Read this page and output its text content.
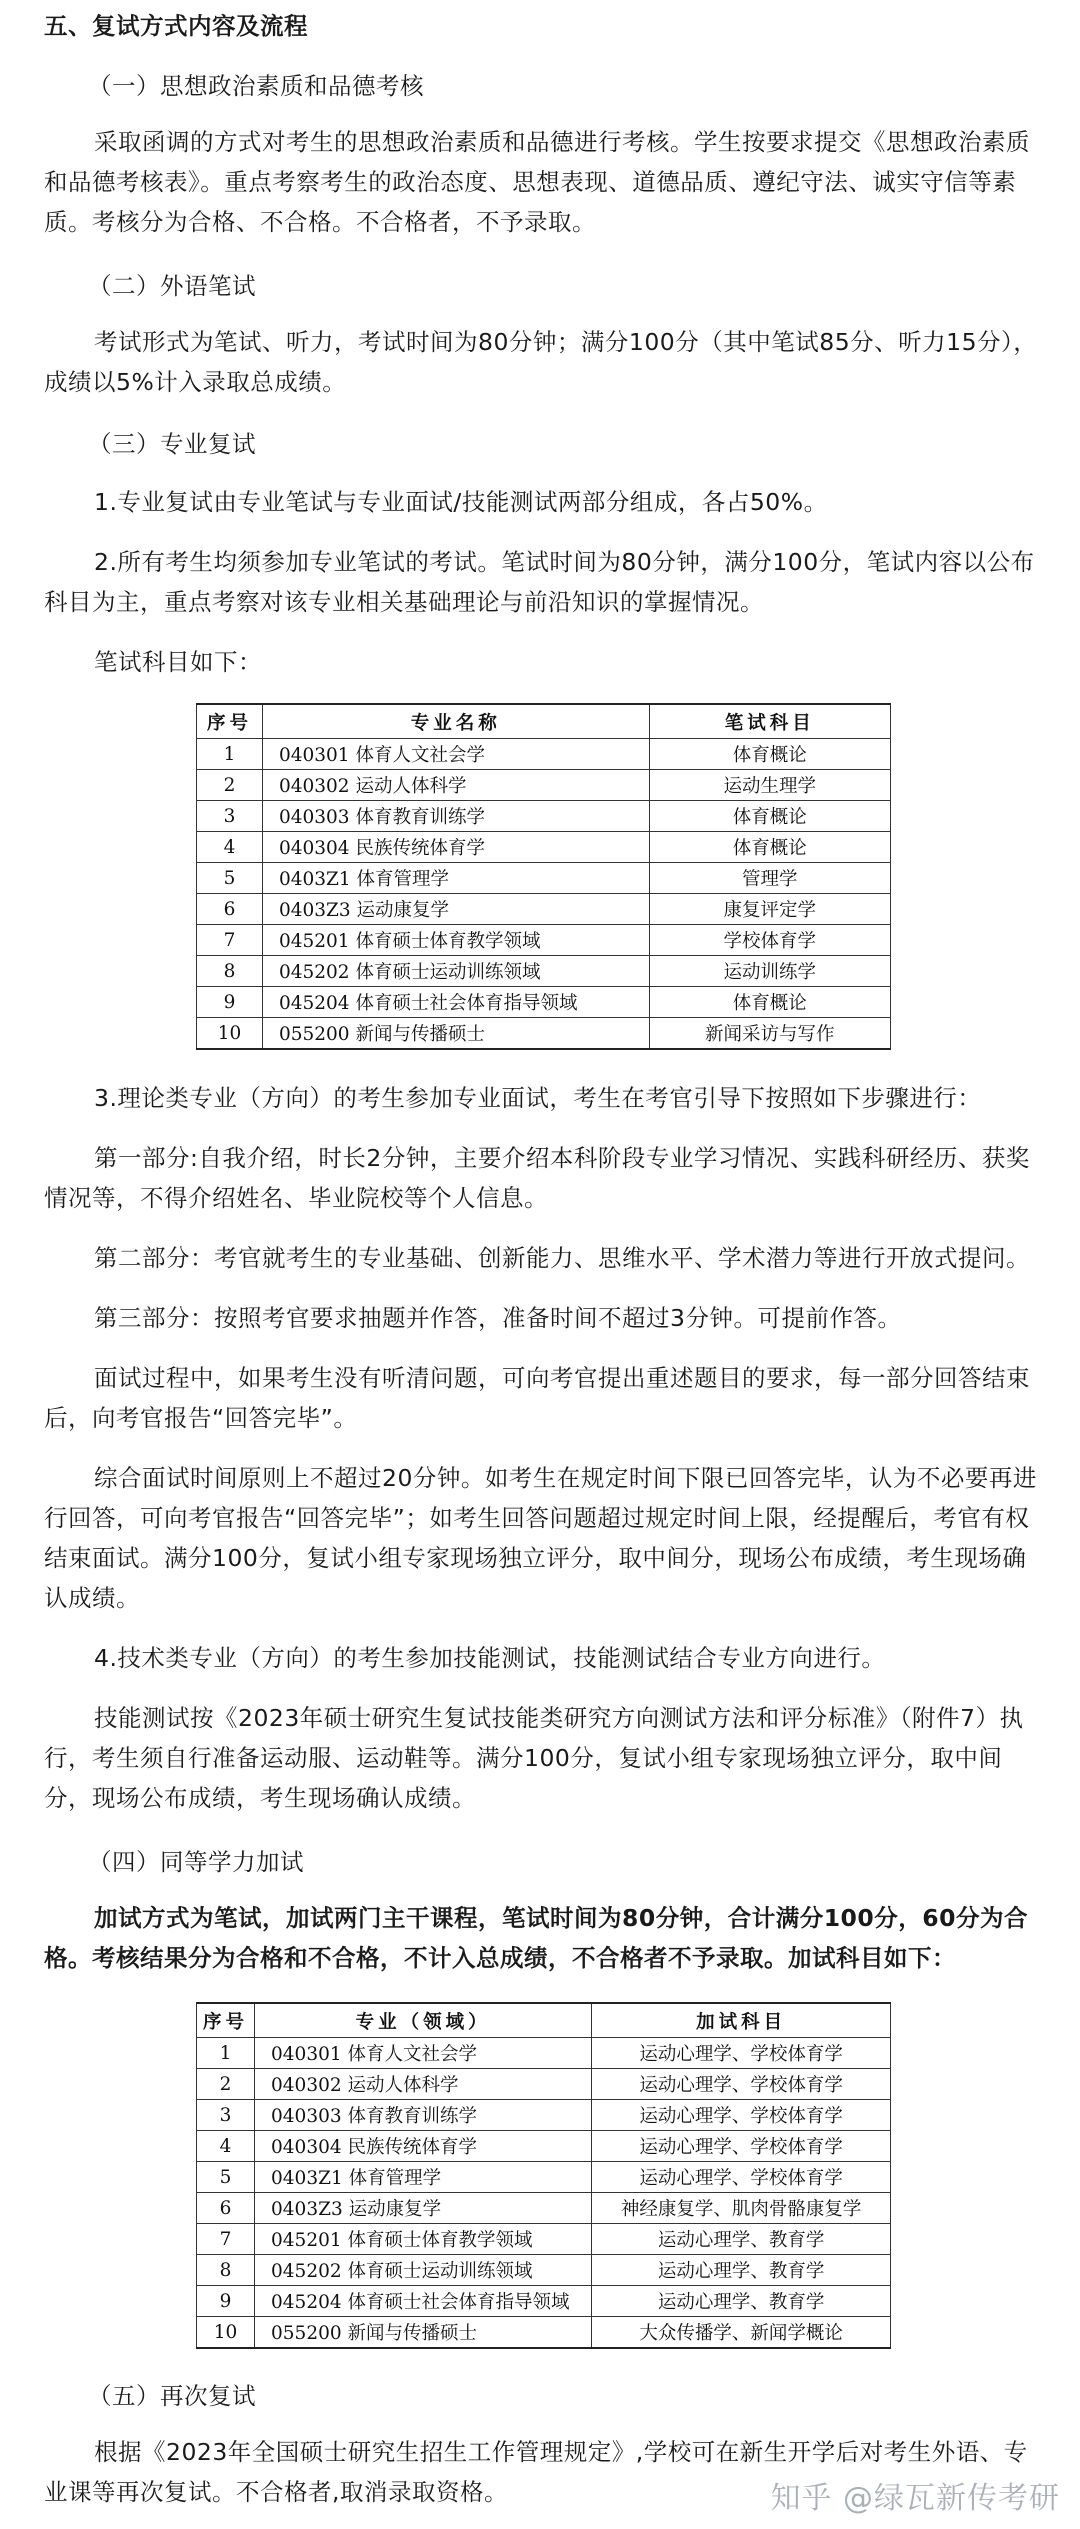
五、复试方式内容及流程

（一）思想政治素质和品德考核

采取函调的方式对考生的思想政治素质和品德进行考核。学生按要求提交《思想政治素质和品德考核表》。重点考察考生的政治态度、思想表现、道德品质、遵纪守法、诚实守信等素质。考核分为合格、不合格。不合格者，不予录取。

（二）外语笔试

考试形式为笔试、听力，考试时间为80分钟；满分100分（其中笔试85分、听力15分），成绩以5%计入录取总成绩。

（三）专业复试

1.专业复试由专业笔试与专业面试/技能测试两部分组成，各占50%。

2.所有考生均须参加专业笔试的考试。笔试时间为80分钟，满分100分，笔试内容以公布科目为主，重点考察对该专业相关基础理论与前沿知识的掌握情况。

笔试科目如下：

序号	专业名称	笔试科目
1	040301 体育人文社会学	体育概论
2	040302 运动人体科学	运动生理学
3	040303 体育教育训练学	体育概论
4	040304 民族传统体育学	体育概论
5	0403Z1 体育管理学	管理学
6	0403Z3 运动康复学	康复评定学
7	045201 体育硕士体育教学领域	学校体育学
8	045202 体育硕士运动训练领域	运动训练学
9	045204 体育硕士社会体育指导领域	体育概论
10	055200 新闻与传播硕士	新闻采访与写作

3.理论类专业（方向）的考生参加专业面试，考生在考官引导下按照如下步骤进行：

第一部分:自我介绍，时长2分钟，主要介绍本科阶段专业学习情况、实践科研经历、获奖情况等，不得介绍姓名、毕业院校等个人信息。

第二部分：考官就考生的专业基础、创新能力、思维水平、学术潜力等进行开放式提问。

第三部分：按照考官要求抽题并作答，准备时间不超过3分钟。可提前作答。

面试过程中，如果考生没有听清问题，可向考官提出重述题目的要求，每一部分回答结束后，向考官报告“回答完毕”。

综合面试时间原则上不超过20分钟。如考生在规定时间下限已回答完毕，认为不必要再进行回答，可向考官报告“回答完毕”；如考生回答问题超过规定时间上限，经提醒后，考官有权结束面试。满分100分，复试小组专家现场独立评分，取中间分，现场公布成绩，考生现场确认成绩。

4.技术类专业（方向）的考生参加技能测试，技能测试结合专业方向进行。

技能测试按《2023年硕士研究生复试技能类研究方向测试方法和评分标准》（附件7）执行，考生须自行准备运动服、运动鞋等。满分100分，复试小组专家现场独立评分，取中间分，现场公布成绩，考生现场确认成绩。

（四）同等学力加试

加试方式为笔试，加试两门主干课程，笔试时间为80分钟，合计满分100分，60分为合格。考核结果分为合格和不合格，不计入总成绩，不合格者不予录取。加试科目如下：

序号	专业（领域）	加试科目
1	040301 体育人文社会学	运动心理学、学校体育学
2	040302 运动人体科学	运动心理学、学校体育学
3	040303 体育教育训练学	运动心理学、学校体育学
4	040304 民族传统体育学	运动心理学、学校体育学
5	0403Z1 体育管理学	运动心理学、学校体育学
6	0403Z3 运动康复学	神经康复学、肌肉骨骼康复学
7	045201 体育硕士体育教学领域	运动心理学、教育学
8	045202 体育硕士运动训练领域	运动心理学、教育学
9	045204 体育硕士社会体育指导领域	运动心理学、教育学
10	055200 新闻与传播硕士	大众传播学、新闻学概论

（五）再次复试

根据《2023年全国硕士研究生招生工作管理规定》,学校可在新生开学后对考生外语、专业课等再次复试。不合格者,取消录取资格。	知乎 @绿瓦新传考研
